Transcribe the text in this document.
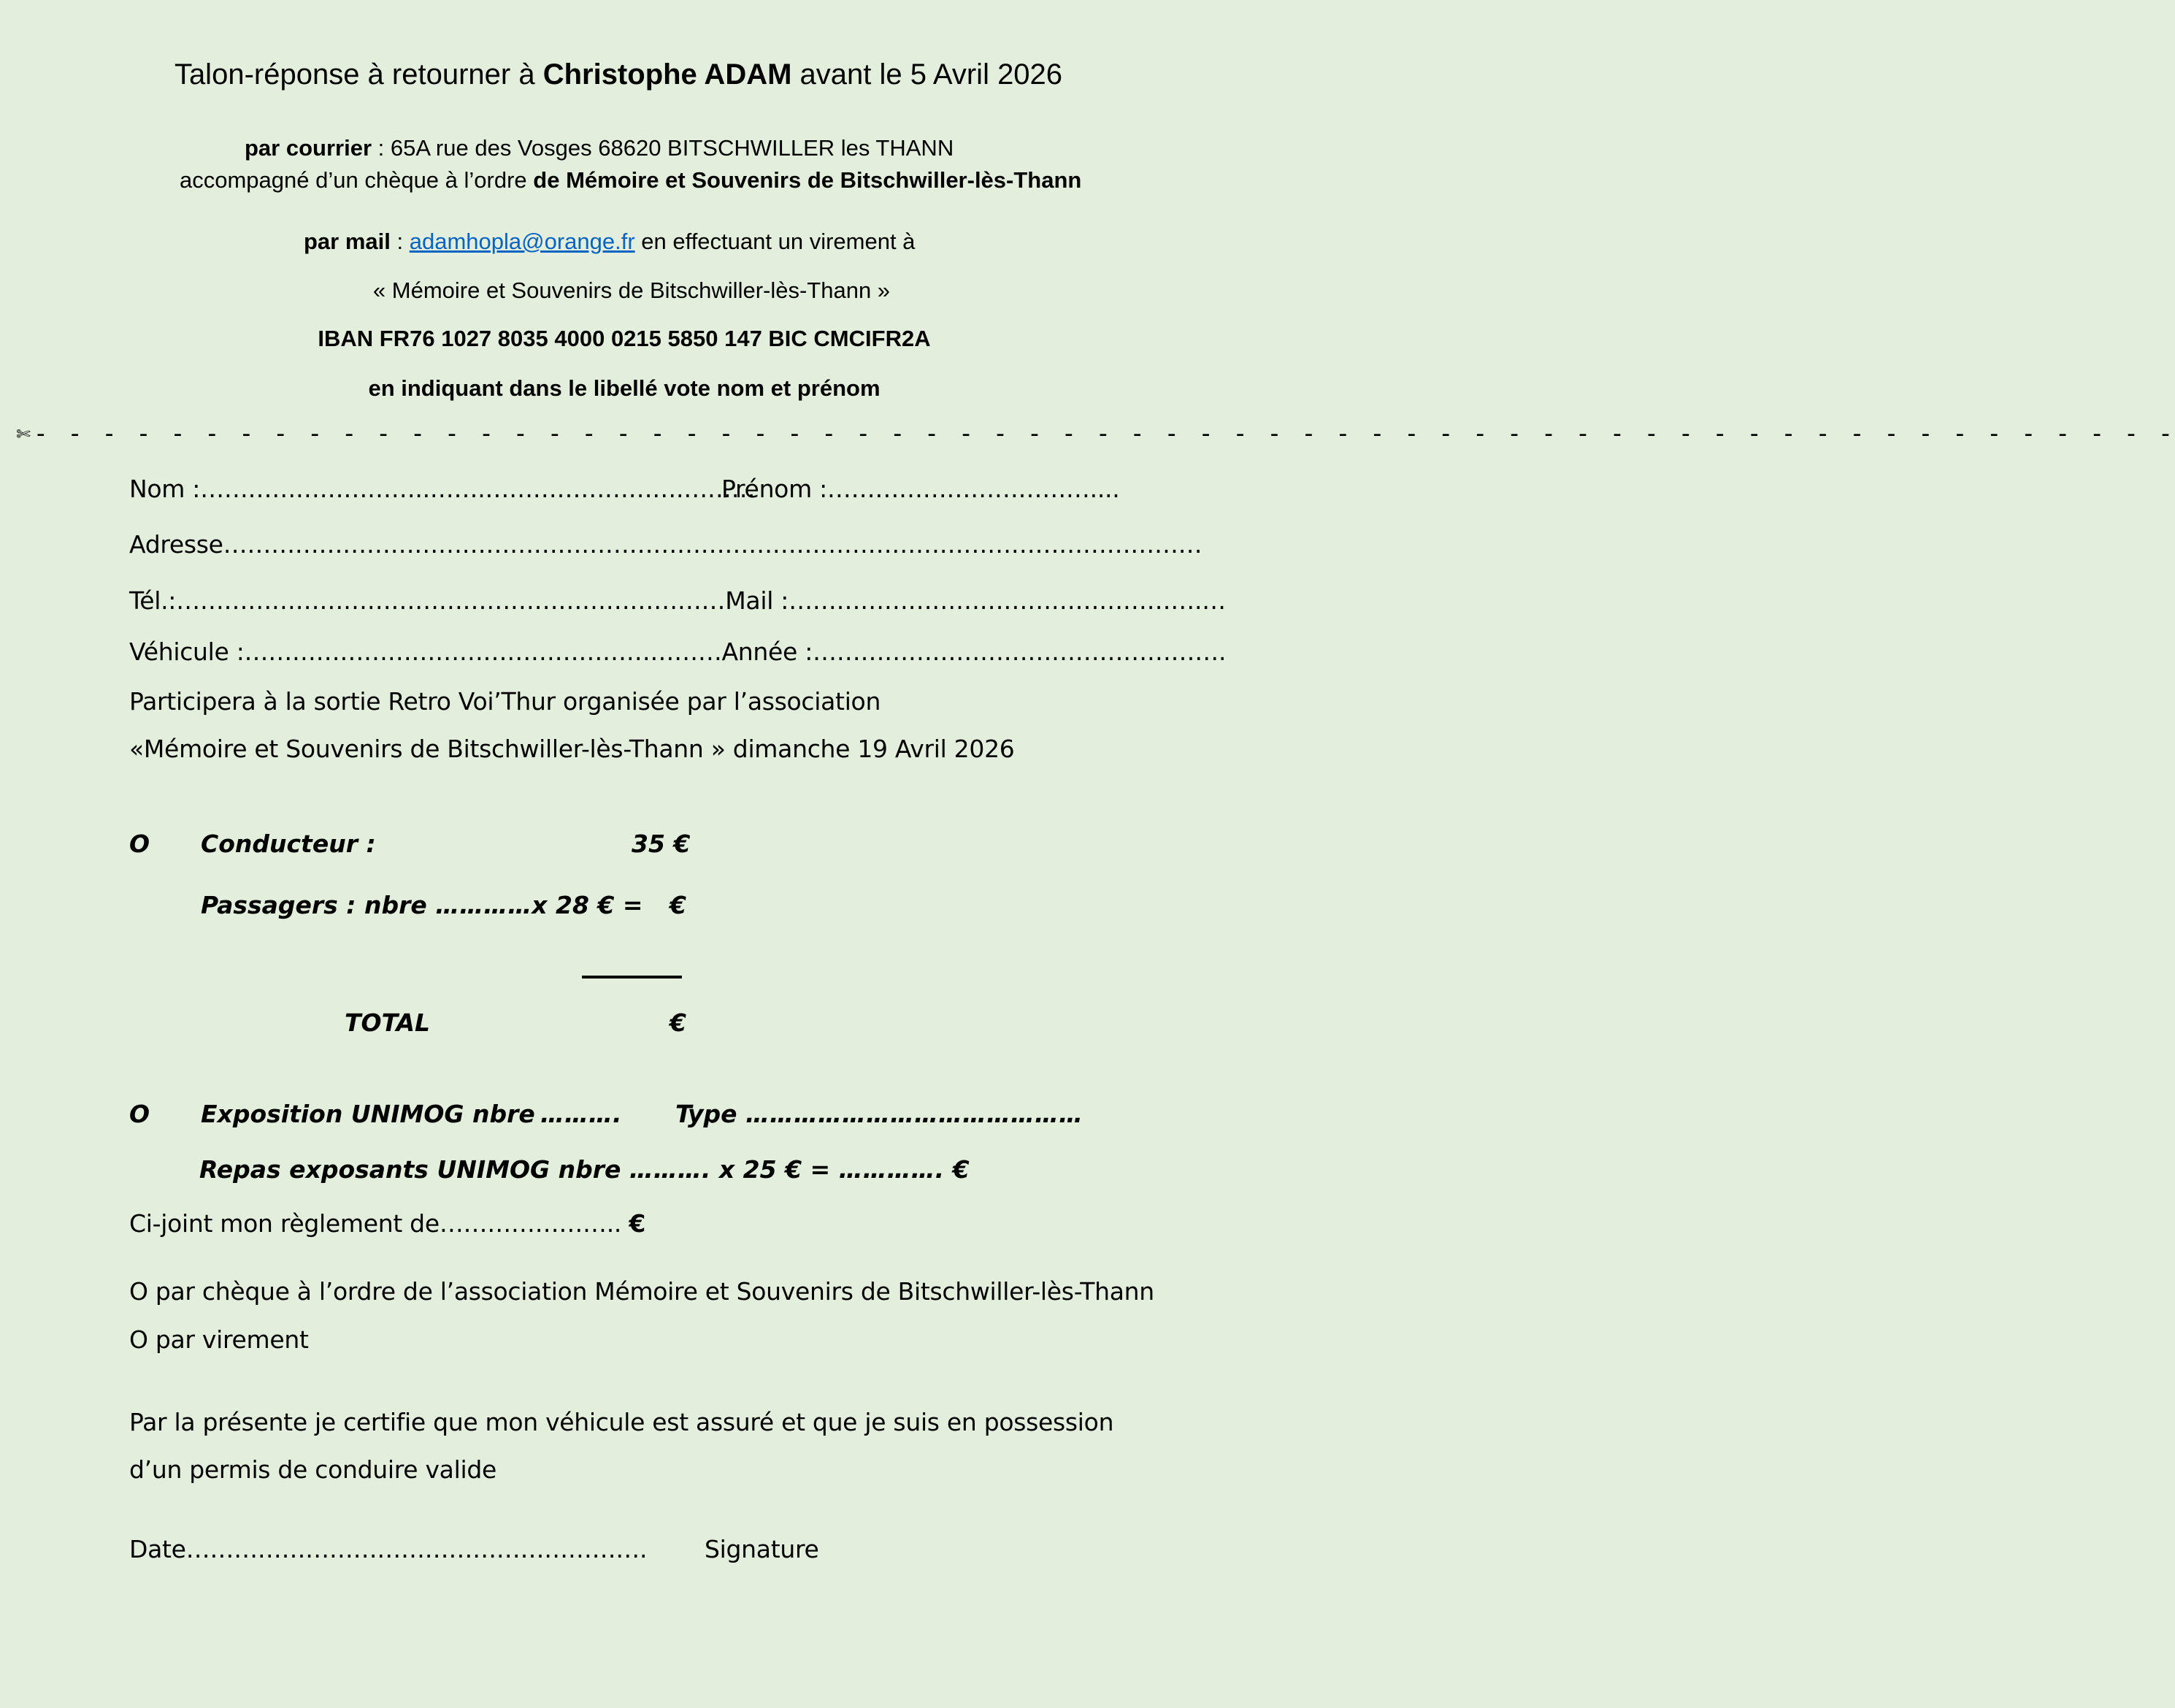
Talon-réponse à retourner à Christophe ADAM avant le 5 Avril 2026
par courrier : 65A rue des Vosges 68620 BITSCHWILLER les THANN
accompagné d’un chèque à l’ordre de Mémoire et Souvenirs de Bitschwiller-lès-Thann
par mail : adamhopla@orange.fr en effectuant un virement à
« Mémoire et Souvenirs de Bitschwiller-lès-Thann »
IBAN FR76 1027 8035 4000 0215 5850 147 BIC CMCIFR2A
en indiquant dans le libellé vote nom et prénom
✄- - - - - - - - - - - - - - - - - - - - - - - - - - - - - - - - - - - - - - - - - - - - - - - - - - - - - - - - - - - - - - -
Nom :………………………..…….…………………….………
Prénom :……………………………....
Adresse……………………………………………………………………………………………………………
Tél.:……………………………………………………………Mail :…………………………………………….…
Véhicule :……………………………………………………Année :…………………………………………….
Participera à la sortie Retro Voi’Thur organisée par l’association
«Mémoire et Souvenirs de Bitschwiller-lès-Thann » dimanche 19 Avril 2026
O Conducteur :	35 €
Passagers : nbre …………x 28 € = €
TOTAL	€
O Exposition UNIMOG nbre ………. Type ……………………………………
Repas exposants UNIMOG nbre ………. x 25 € = …………. €
Ci-joint mon règlement de………………….. €
O par chèque à l’ordre de l’association Mémoire et Souvenirs de Bitschwiller-lès-Thann
O par virement
Par la présente je certifie que mon véhicule est assuré et que je suis en possession
d’un permis de conduire valide
Date…………………………………………………. Signature
